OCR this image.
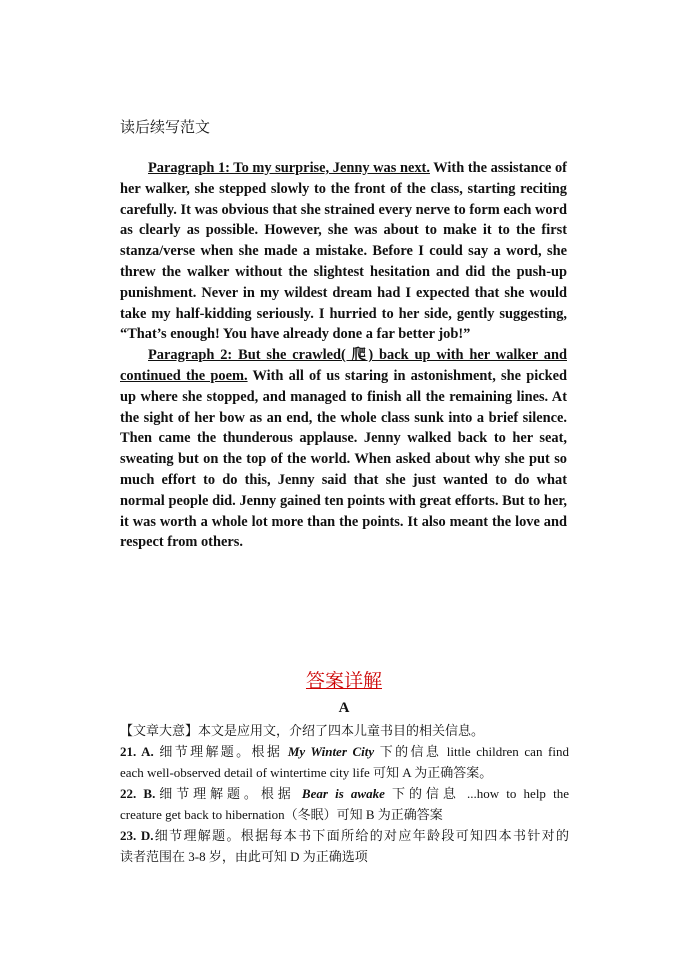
读后续写范文

Paragraph 1: To my surprise, Jenny was next. With the assistance of her walker, she stepped slowly to the front of the class, starting reciting carefully. It was obvious that she strained every nerve to form each word as clearly as possible. However, she was about to make it to the first stanza/verse when she made a mistake. Before I could say a word, she threw the walker without the slightest hesitation and did the push-up punishment. Never in my wildest dream had I expected that she would take my half-kidding seriously. I hurried to her side, gently suggesting, “That’s enough! You have already done a far better job!”

Paragraph 2: But she crawled( 爬) back up with her walker and continued the poem. With all of us staring in astonishment, she picked up where she stopped, and managed to finish all the remaining lines. At the sight of her bow as an end, the whole class sunk into a brief silence. Then came the thunderous applause. Jenny walked back to her seat, sweating but on the top of the world. When asked about why she put so much effort to do this, Jenny said that she just wanted to do what normal people did. Jenny gained ten points with great efforts. But to her, it was worth a whole lot more than the points. It also meant the love and respect from others.

答案详解
A
【文章大意】本文是应用文，介绍了四本儿童书目的相关信息。
21. A. 细节理解题。根据 My Winter City 下的信息 little children can find
each well-observed detail of wintertime city life 可知 A 为正确答案。
22. B.细节理解题。根据 Bear is awake 下的信息 ...how to help the
creature get back to hibernation（冬眠）可知 B 为正确答案
23. D.细节理解题。根据每本书下面所给的对应年龄段可知四本书针对的
读者范围在 3-8 岁，由此可知 D 为正确选项
